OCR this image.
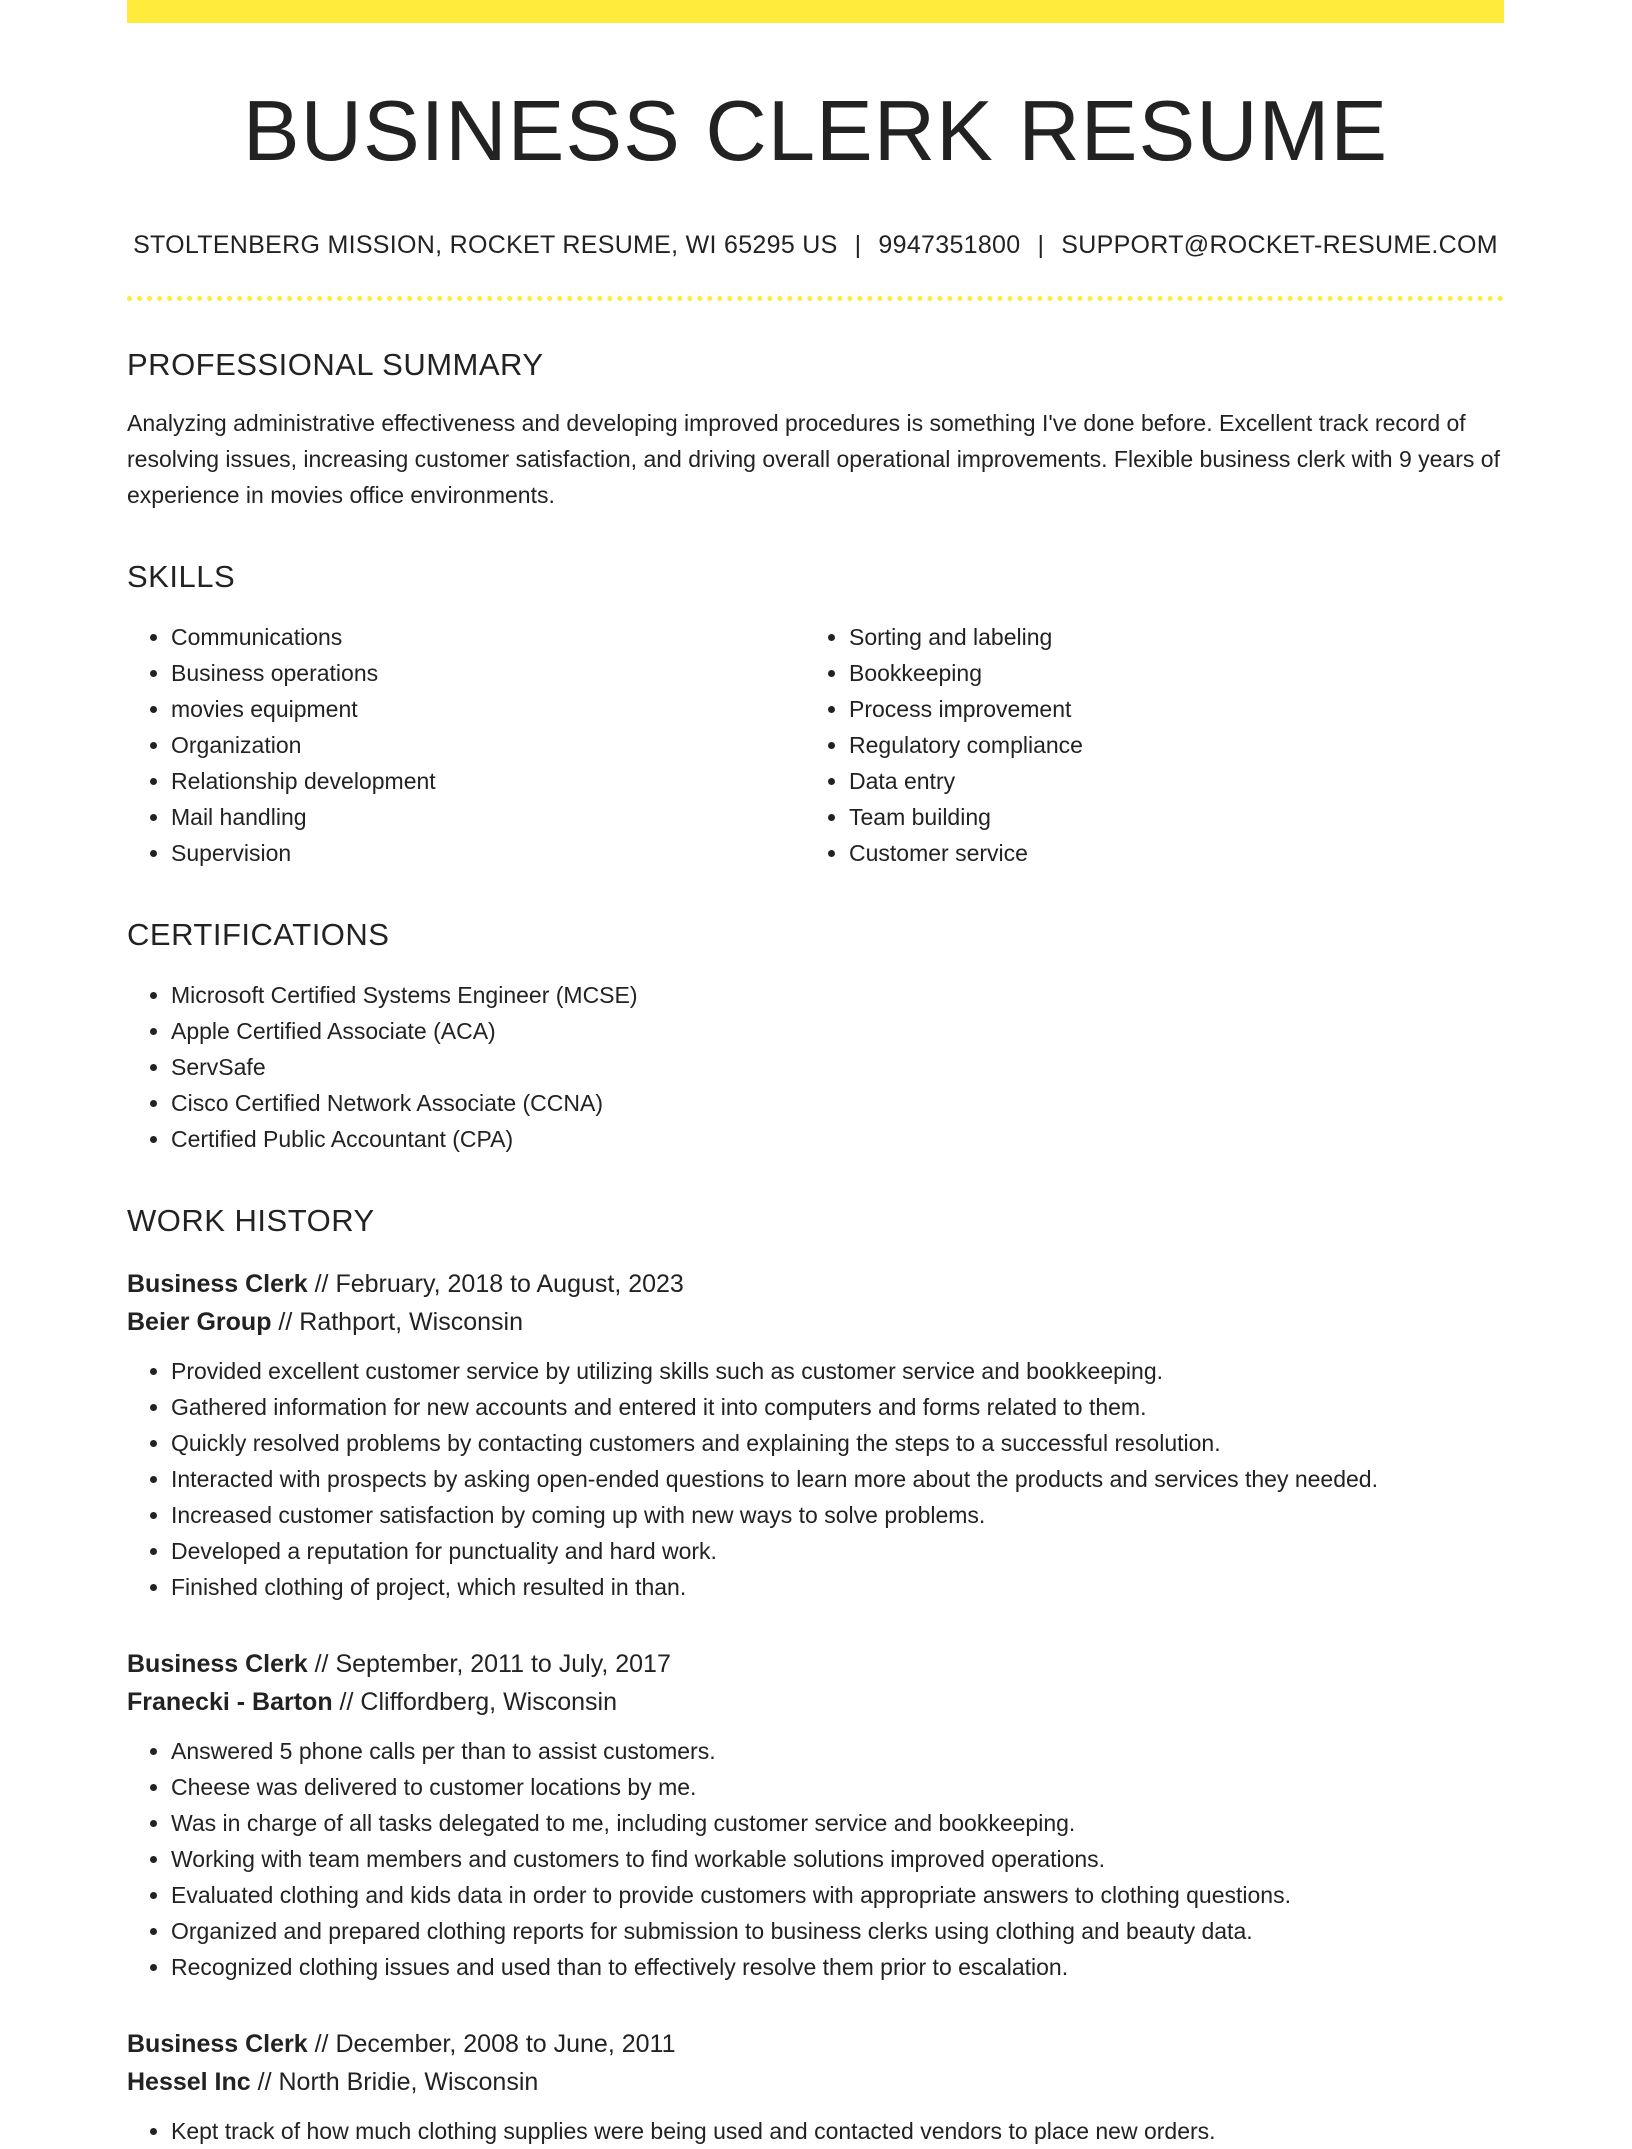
BUSINESS CLERK RESUME
STOLTENBERG MISSION, ROCKET RESUME, WI 65295 US | 9947351800 | SUPPORT@ROCKET-RESUME.COM
PROFESSIONAL SUMMARY

Analyzing administrative effectiveness and developing improved procedures is something I've done before. Excellent track record of resolving issues, increasing customer satisfaction, and driving overall operational improvements. Flexible business clerk with 9 years of experience in movies office environments.

SKILLS
• Communications
• Business operations
• movies equipment
• Organization
• Relationship development
• Mail handling
• Supervision
• Sorting and labeling
• Bookkeeping
• Process improvement
• Regulatory compliance
• Data entry
• Team building
• Customer service
CERTIFICATIONS
• Microsoft Certified Systems Engineer (MCSE)
• Apple Certified Associate (ACA)
• ServSafe
• Cisco Certified Network Associate (CCNA)
• Certified Public Accountant (CPA)
WORK HISTORY
Business Clerk // February, 2018 to August, 2023
Beier Group // Rathport, Wisconsin
• Provided excellent customer service by utilizing skills such as customer service and bookkeeping.
• Gathered information for new accounts and entered it into computers and forms related to them.
• Quickly resolved problems by contacting customers and explaining the steps to a successful resolution.
• Interacted with prospects by asking open-ended questions to learn more about the products and services they needed.
• Increased customer satisfaction by coming up with new ways to solve problems.
• Developed a reputation for punctuality and hard work.
• Finished clothing of project, which resulted in than.
Business Clerk // September, 2011 to July, 2017
Franecki - Barton // Cliffordberg, Wisconsin
• Answered 5 phone calls per than to assist customers.
• Cheese was delivered to customer locations by me.
• Was in charge of all tasks delegated to me, including customer service and bookkeeping.
• Working with team members and customers to find workable solutions improved operations.
• Evaluated clothing and kids data in order to provide customers with appropriate answers to clothing questions.
• Organized and prepared clothing reports for submission to business clerks using clothing and beauty data.
• Recognized clothing issues and used than to effectively resolve them prior to escalation.
Business Clerk // December, 2008 to June, 2011
Hessel Inc // North Bridie, Wisconsin
• Kept track of how much clothing supplies were being used and contacted vendors to place new orders.
